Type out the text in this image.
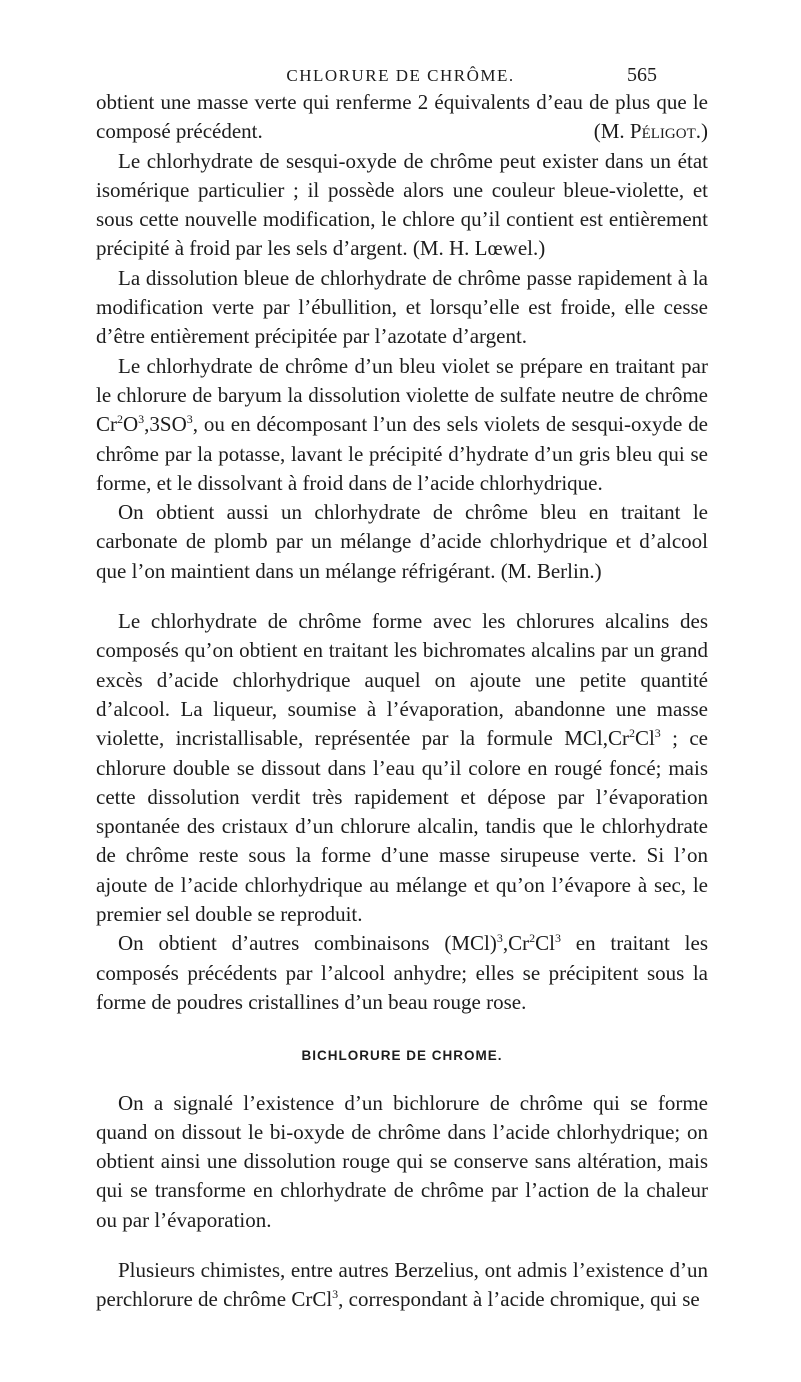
CHLORURE DE CHRÔME.	565

obtient une masse verte qui renferme 2 équivalents d’eau de plus que le composé précédent.	(M. Péligot.)

Le chlorhydrate de sesqui-oxyde de chrôme peut exister dans un état isomérique particulier ; il possède alors une couleur bleue-violette, et sous cette nouvelle modification, le chlore qu’il contient est entièrement précipité à froid par les sels d’argent. (M. H. Lœwel.)

La dissolution bleue de chlorhydrate de chrôme passe rapidement à la modification verte par l’ébullition, et lorsqu’elle est froide, elle cesse d’être entièrement précipitée par l’azotate d’argent.

Le chlorhydrate de chrôme d’un bleu violet se prépare en traitant par le chlorure de baryum la dissolution violette de sulfate neutre de chrôme $Cr^2O^3,3SO^3$, ou en décomposant l’un des sels violets de sesqui-oxyde de chrôme par la potasse, lavant le précipité d’hydrate d’un gris bleu qui se forme, et le dissolvant à froid dans de l’acide chlorhydrique.

On obtient aussi un chlorhydrate de chrôme bleu en traitant le carbonate de plomb par un mélange d’acide chlorhydrique et d’alcool que l’on maintient dans un mélange réfrigérant. (M. Berlin.)

Le chlorhydrate de chrôme forme avec les chlorures alcalins des composés qu’on obtient en traitant les bichromates alcalins par un grand excès d’acide chlorhydrique auquel on ajoute une petite quantité d’alcool. La liqueur, soumise à l’évaporation, abandonne une masse violette, incristallisable, représentée par la formule MCl,Cr$^2$Cl$^3$ ; ce chlorure double se dissout dans l’eau qu’il colore en rougé foncé; mais cette dissolution verdit très rapidement et dépose par l’évaporation spontanée des cristaux d’un chlorure alcalin, tandis que le chlorhydrate de chrôme reste sous la forme d’une masse sirupeuse verte. Si l’on ajoute de l’acide chlorhydrique au mélange et qu’on l’évapore à sec, le premier sel double se reproduit.

On obtient d’autres combinaisons (MCl)$^3$,Cr$^2$Cl$^3$ en traitant les composés précédents par l’alcool anhydre; elles se précipitent sous la forme de poudres cristallines d’un beau rouge rose.

BICHLORURE DE CHROME.

On a signalé l’existence d’un bichlorure de chrôme qui se forme quand on dissout le bi-oxyde de chrôme dans l’acide chlorhydrique; on obtient ainsi une dissolution rouge qui se conserve sans altération, mais qui se transforme en chlorhydrate de chrôme par l’action de la chaleur ou par l’évaporation.

Plusieurs chimistes, entre autres Berzelius, ont admis l’existence d’un perchlorure de chrôme CrCl$^3$, correspondant à l’acide chromique, qui se
